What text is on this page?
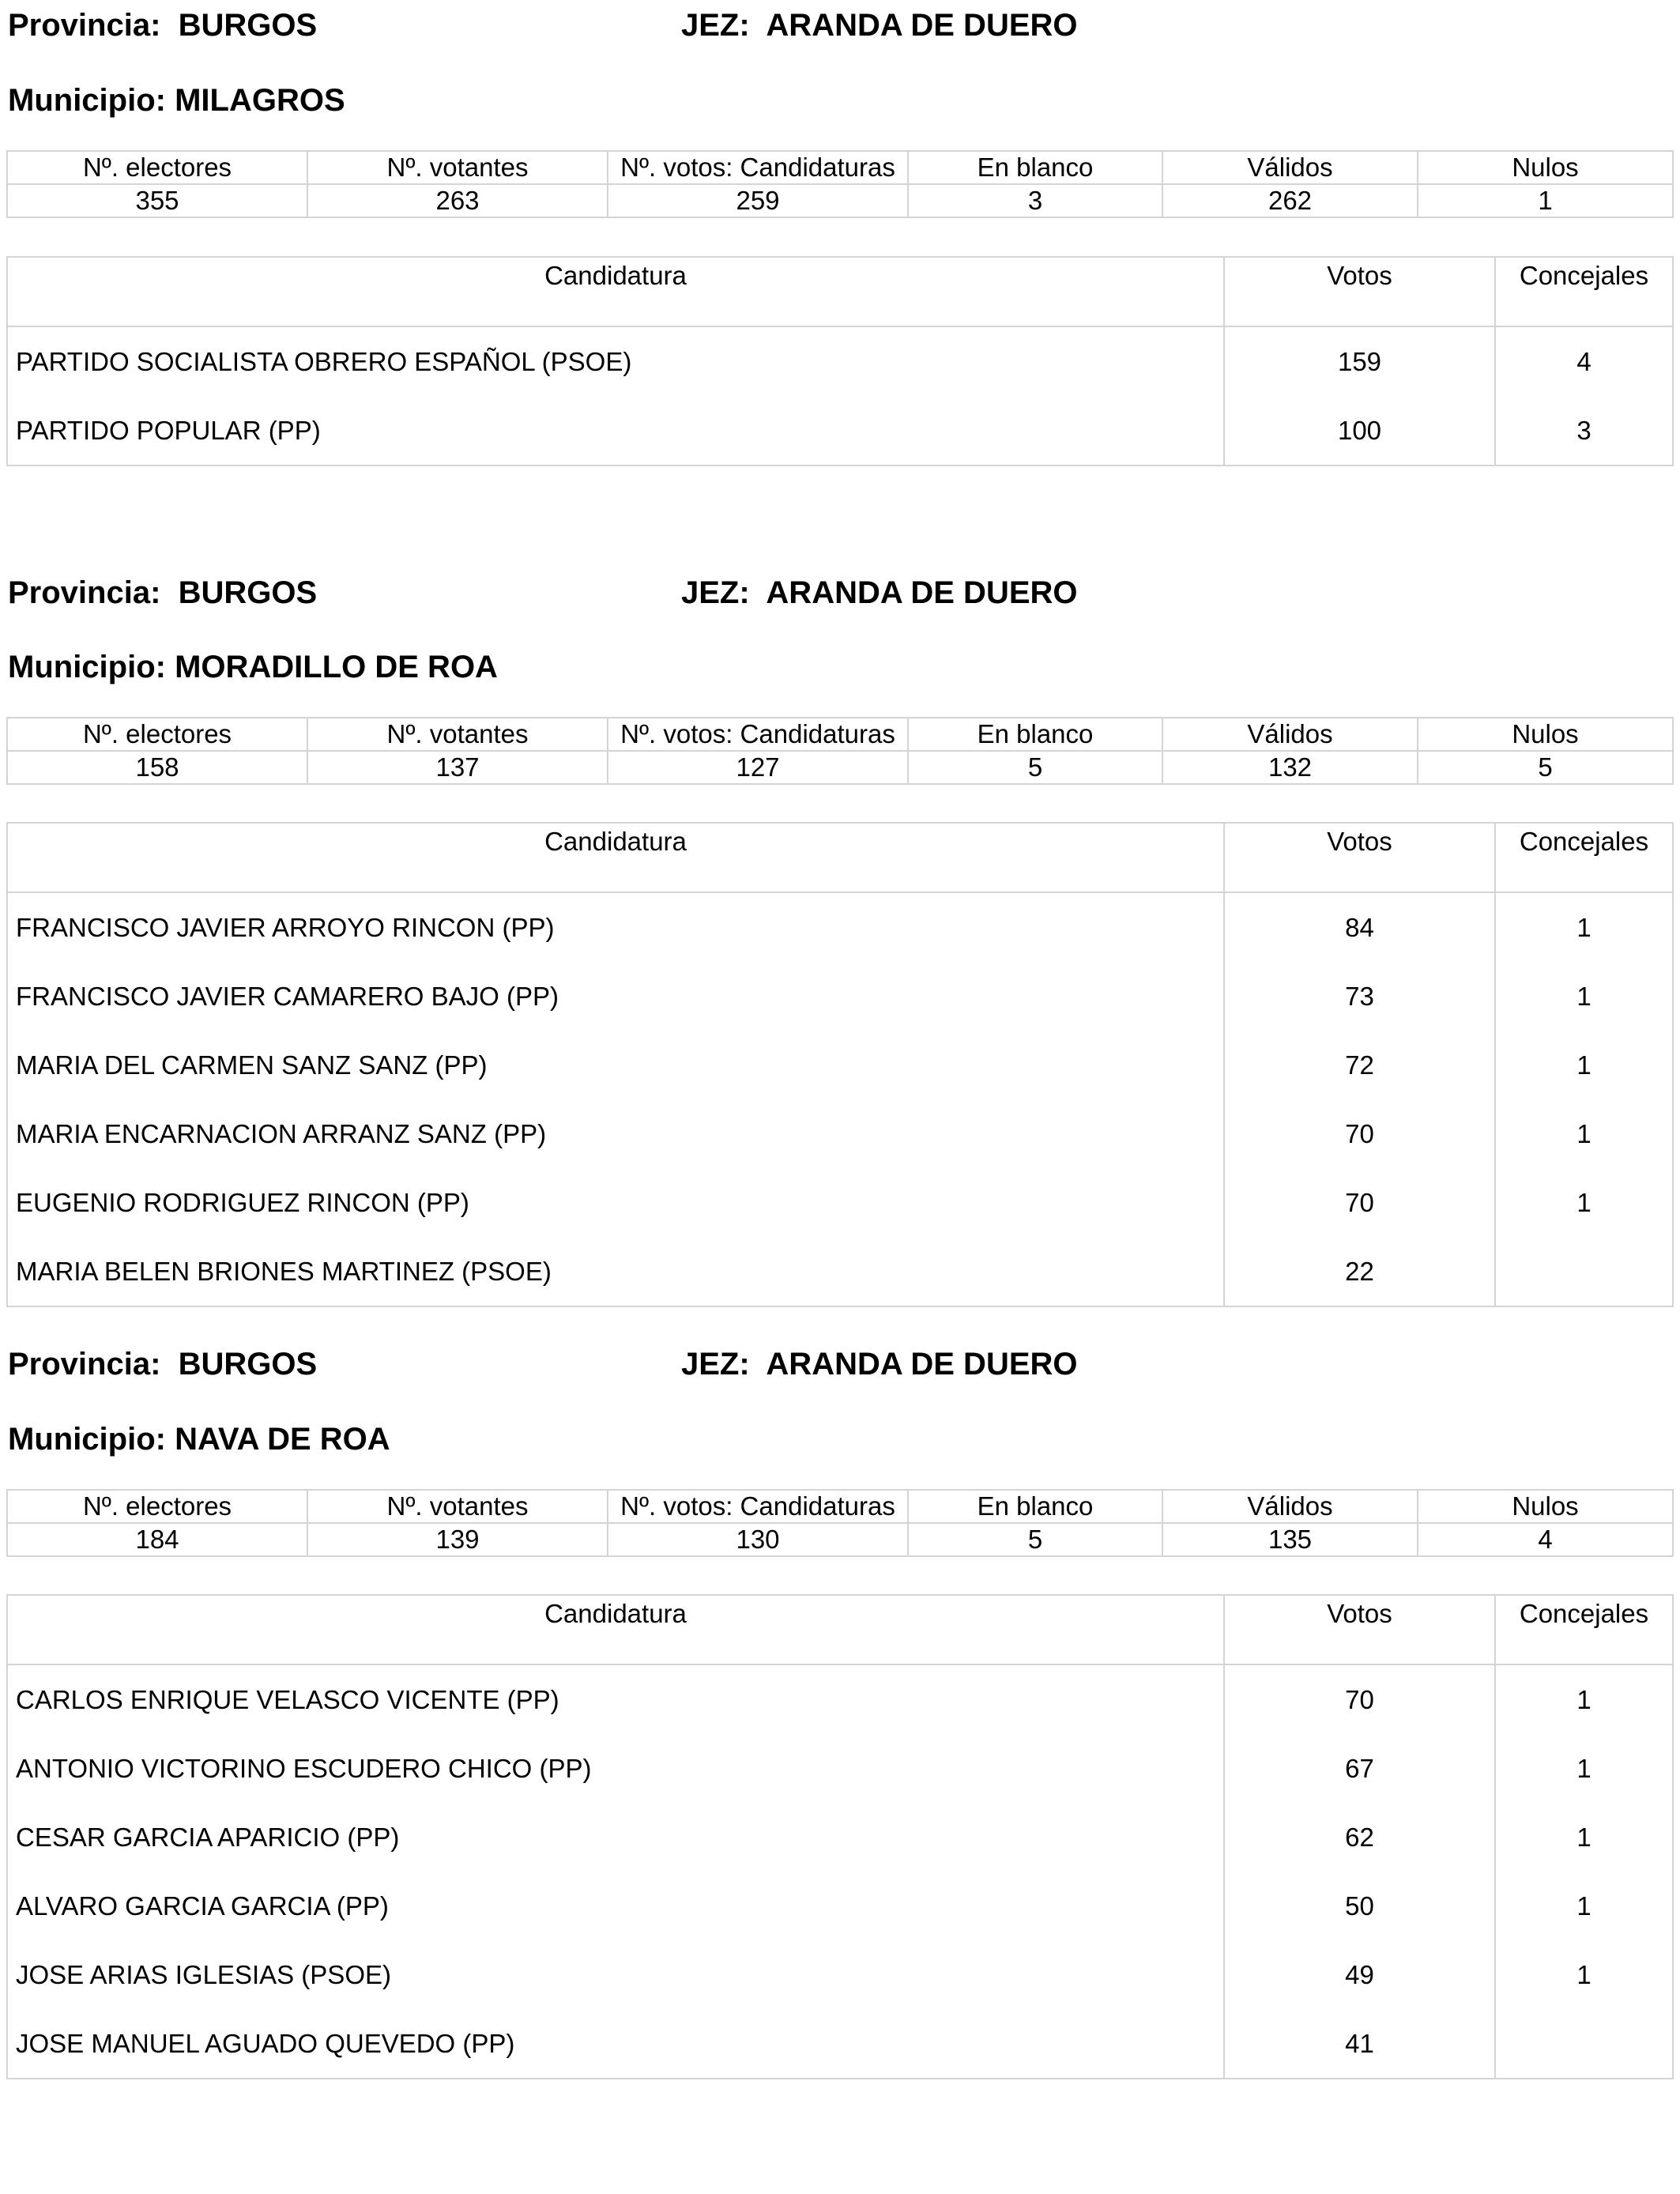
Provincia:  BURGOS	JEZ:  ARANDA DE DUERO
Municipio: MILAGROS
Nº. electores	Nº. votantes	Nº. votos: Candidaturas	En blanco	Válidos	Nulos
355	263	259	3	262	1
Candidatura	Votos	Concejales
PARTIDO SOCIALISTA OBRERO ESPAÑOL (PSOE)	159	4
PARTIDO POPULAR (PP)	100	3
Provincia:  BURGOS	JEZ:  ARANDA DE DUERO
Municipio: MORADILLO DE ROA
Nº. electores	Nº. votantes	Nº. votos: Candidaturas	En blanco	Válidos	Nulos
158	137	127	5	132	5
Candidatura	Votos	Concejales
FRANCISCO JAVIER ARROYO RINCON (PP)	84	1
FRANCISCO JAVIER CAMARERO BAJO (PP)	73	1
MARIA DEL CARMEN SANZ SANZ (PP)	72	1
MARIA ENCARNACION ARRANZ SANZ (PP)	70	1
EUGENIO RODRIGUEZ RINCON (PP)	70	1
MARIA BELEN BRIONES MARTINEZ (PSOE)	22	
Provincia:  BURGOS	JEZ:  ARANDA DE DUERO
Municipio: NAVA DE ROA
Nº. electores	Nº. votantes	Nº. votos: Candidaturas	En blanco	Válidos	Nulos
184	139	130	5	135	4
Candidatura	Votos	Concejales
CARLOS ENRIQUE VELASCO VICENTE (PP)	70	1
ANTONIO VICTORINO ESCUDERO CHICO (PP)	67	1
CESAR GARCIA APARICIO (PP)	62	1
ALVARO GARCIA GARCIA (PP)	50	1
JOSE ARIAS IGLESIAS (PSOE)	49	1
JOSE MANUEL AGUADO QUEVEDO (PP)	41	
